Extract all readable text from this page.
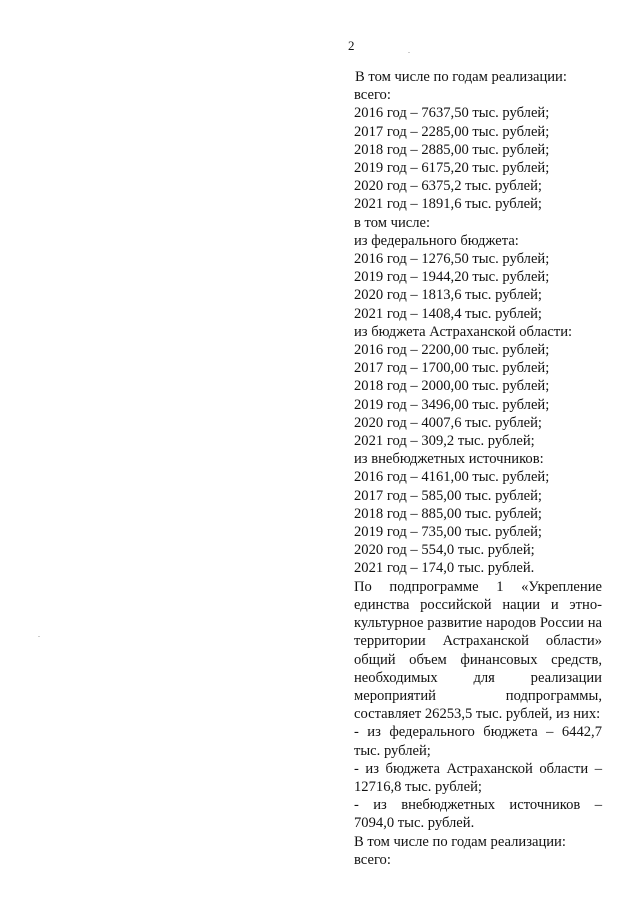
2
В том числе по годам реализации:
всего:
2016 год – 7637,50 тыс. рублей;
2017 год – 2285,00 тыс. рублей;
2018 год – 2885,00 тыс. рублей;
2019 год – 6175,20 тыс. рублей;
2020 год – 6375,2 тыс. рублей;
2021 год – 1891,6 тыс. рублей;
в том числе:
из федерального бюджета:
2016 год – 1276,50 тыс. рублей;
2019 год – 1944,20 тыс. рублей;
2020 год – 1813,6 тыс. рублей;
2021 год – 1408,4 тыс. рублей;
из бюджета Астраханской области:
2016 год – 2200,00 тыс. рублей;
2017 год – 1700,00 тыс. рублей;
2018 год – 2000,00 тыс. рублей;
2019 год – 3496,00 тыс. рублей;
2020 год – 4007,6 тыс. рублей;
2021 год – 309,2 тыс. рублей;
из внебюджетных источников:
2016 год – 4161,00 тыс. рублей;
2017 год – 585,00 тыс. рублей;
2018 год – 885,00 тыс. рублей;
2019 год – 735,00 тыс. рублей;
2020 год – 554,0 тыс. рублей;
2021 год – 174,0 тыс. рублей.
По подпрограмме 1 «Укрепление единства российской нации и этно-культурное развитие народов России на территории Астраханской области» общий объем финансовых средств, необходимых для реализации мероприятий подпрограммы, составляет 26253,5 тыс. рублей, из них:
- из федерального бюджета – 6442,7 тыс. рублей;
- из бюджета Астраханской области – 12716,8 тыс. рублей;
- из внебюджетных источников – 7094,0 тыс. рублей.
В том числе по годам реализации:
всего:
